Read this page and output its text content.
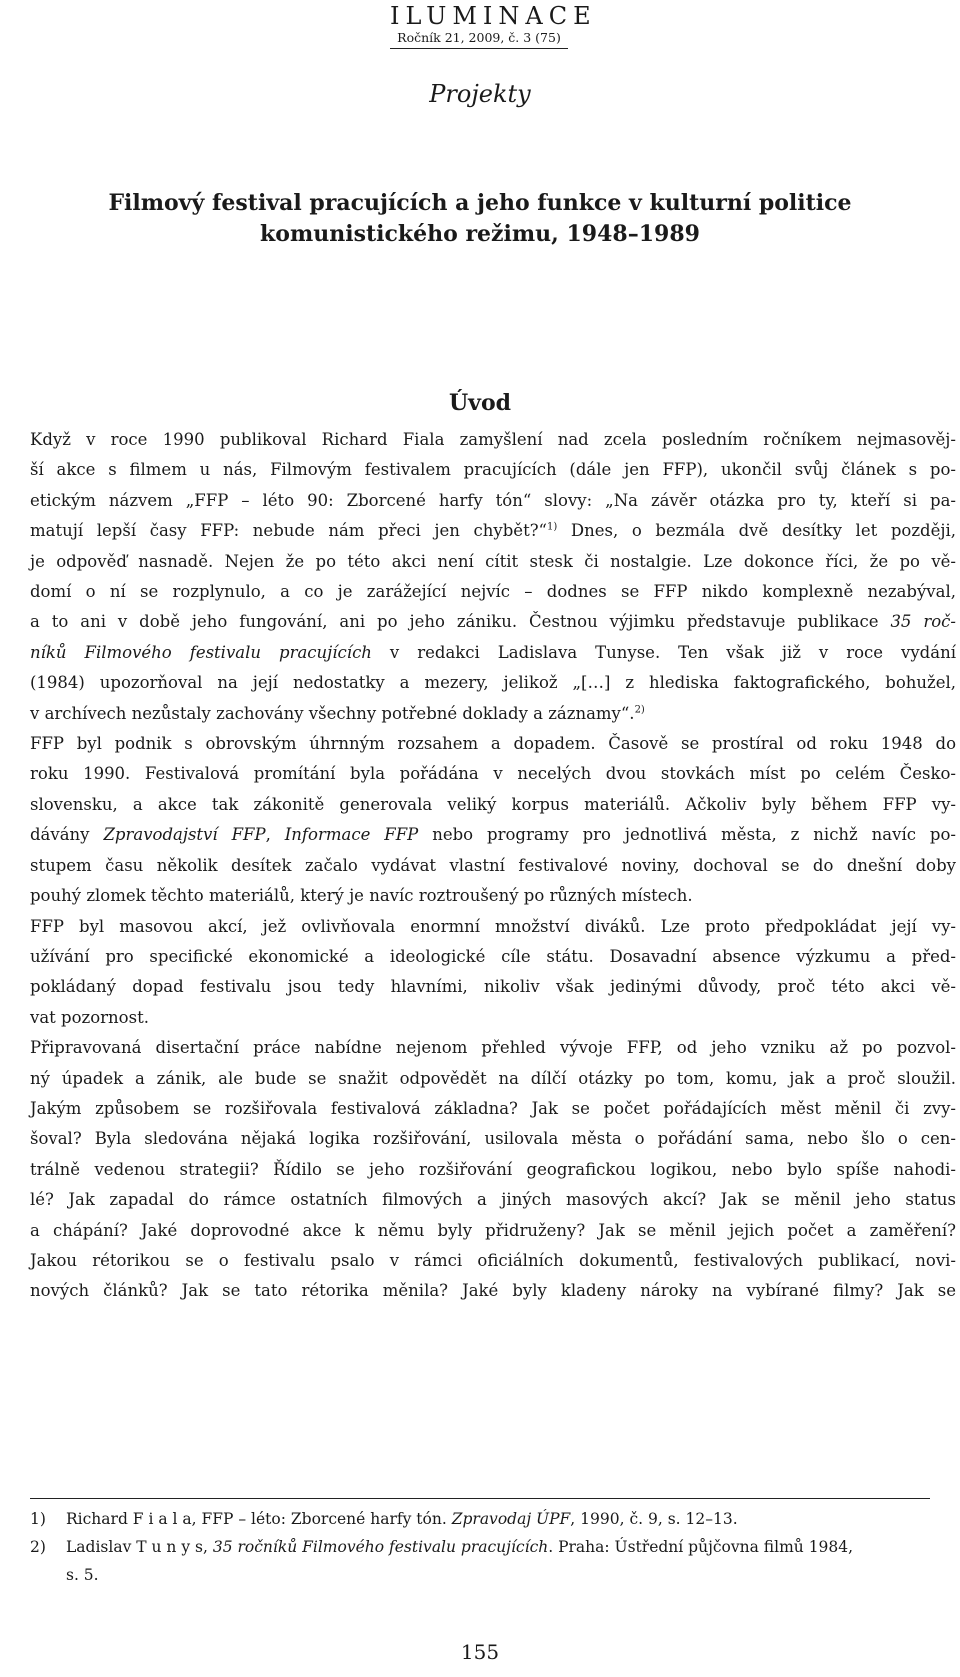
ILUMINACE
Ročník 21, 2009, č. 3 (75)
Projekty
Filmový festival pracujících a jeho funkce v kulturní politice
komunistického režimu, 1948–1989
Úvod

Když v roce 1990 publikoval Richard Fiala zamyšlení nad zcela posledním ročníkem nejmasověj-
ší akce s filmem u nás, Filmovým festivalem pracujících (dále jen FFP), ukončil svůj článek s po-
etickým názvem „FFP – léto 90: Zborcené harfy tón“ slovy: „Na závěr otázka pro ty, kteří si pa-
matují lepší časy FFP: nebude nám přeci jen chybět?“$^{1)}$ Dnes, o bezmála dvě desítky let později,
je odpověď nasnadě. Nejen že po této akci není cítit stesk či nostalgie. Lze dokonce říci, že po vě-
domí o ní se rozplynulo, a co je zarážející nejvíc – dodnes se FFP nikdo komplexně nezabýval,
a to ani v době jeho fungování, ani po jeho zániku. Čestnou výjimku představuje publikace 35 roč-
níků Filmového festivalu pracujících v redakci Ladislava Tunyse. Ten však již v roce vydání
(1984) upozorňoval na její nedostatky a mezery, jelikož „[…] z hlediska faktografického, bohužel,
v archívech nezůstaly zachovány všechny potřebné doklady a záznamy“.$^{2)}$

FFP byl podnik s obrovským úhrnným rozsahem a dopadem. Časově se prostíral od roku 1948 do
roku 1990. Festivalová promítání byla pořádána v necelých dvou stovkách míst po celém Česko-
slovensku, a akce tak zákonitě generovala veliký korpus materiálů. Ačkoliv byly během FFP vy-
dávány Zpravodajství FFP, Informace FFP nebo programy pro jednotlivá města, z nichž navíc po-
stupem času několik desítek začalo vydávat vlastní festivalové noviny, dochoval se do dnešní doby
pouhý zlomek těchto materiálů, který je navíc roztroušený po různých místech.

FFP byl masovou akcí, jež ovlivňovala enormní množství diváků. Lze proto předpokládat její vy-
užívání pro specifické ekonomické a ideologické cíle státu. Dosavadní absence výzkumu a před-
pokládaný dopad festivalu jsou tedy hlavními, nikoliv však jedinými důvody, proč této akci vě-
vat pozornost.

Připravovaná disertační práce nabídne nejenom přehled vývoje FFP, od jeho vzniku až po pozvol-
ný úpadek a zánik, ale bude se snažit odpovědět na dílčí otázky po tom, komu, jak a proč sloužil.
Jakým způsobem se rozšiřovala festivalová základna? Jak se počet pořádajících měst měnil či zvy-
šoval? Byla sledována nějaká logika rozšiřování, usilovala města o pořádání sama, nebo šlo o cen-
trálně vedenou strategii? Řídilo se jeho rozšiřování geografickou logikou, nebo bylo spíše nahodi-
lé? Jak zapadal do rámce ostatních filmových a jiných masových akcí? Jak se měnil jeho status
a chápání? Jaké doprovodné akce k němu byly přidruženy? Jak se měnil jejich počet a zaměření?
Jakou rétorikou se o festivalu psalo v rámci oficiálních dokumentů, festivalových publikací, novi-
nových článků? Jak se tato rétorika měnila? Jaké byly kladeny nároky na vybírané filmy? Jak se

1)	Richard F i a l a, FFP – léto: Zborcené harfy tón. Zpravodaj ÚPF, 1990, č. 9, s. 12–13.
2)	Ladislav T u n y s, 35 ročníků Filmového festivalu pracujících. Praha: Ústřední půjčovna filmů 1984,
s. 5.
155
